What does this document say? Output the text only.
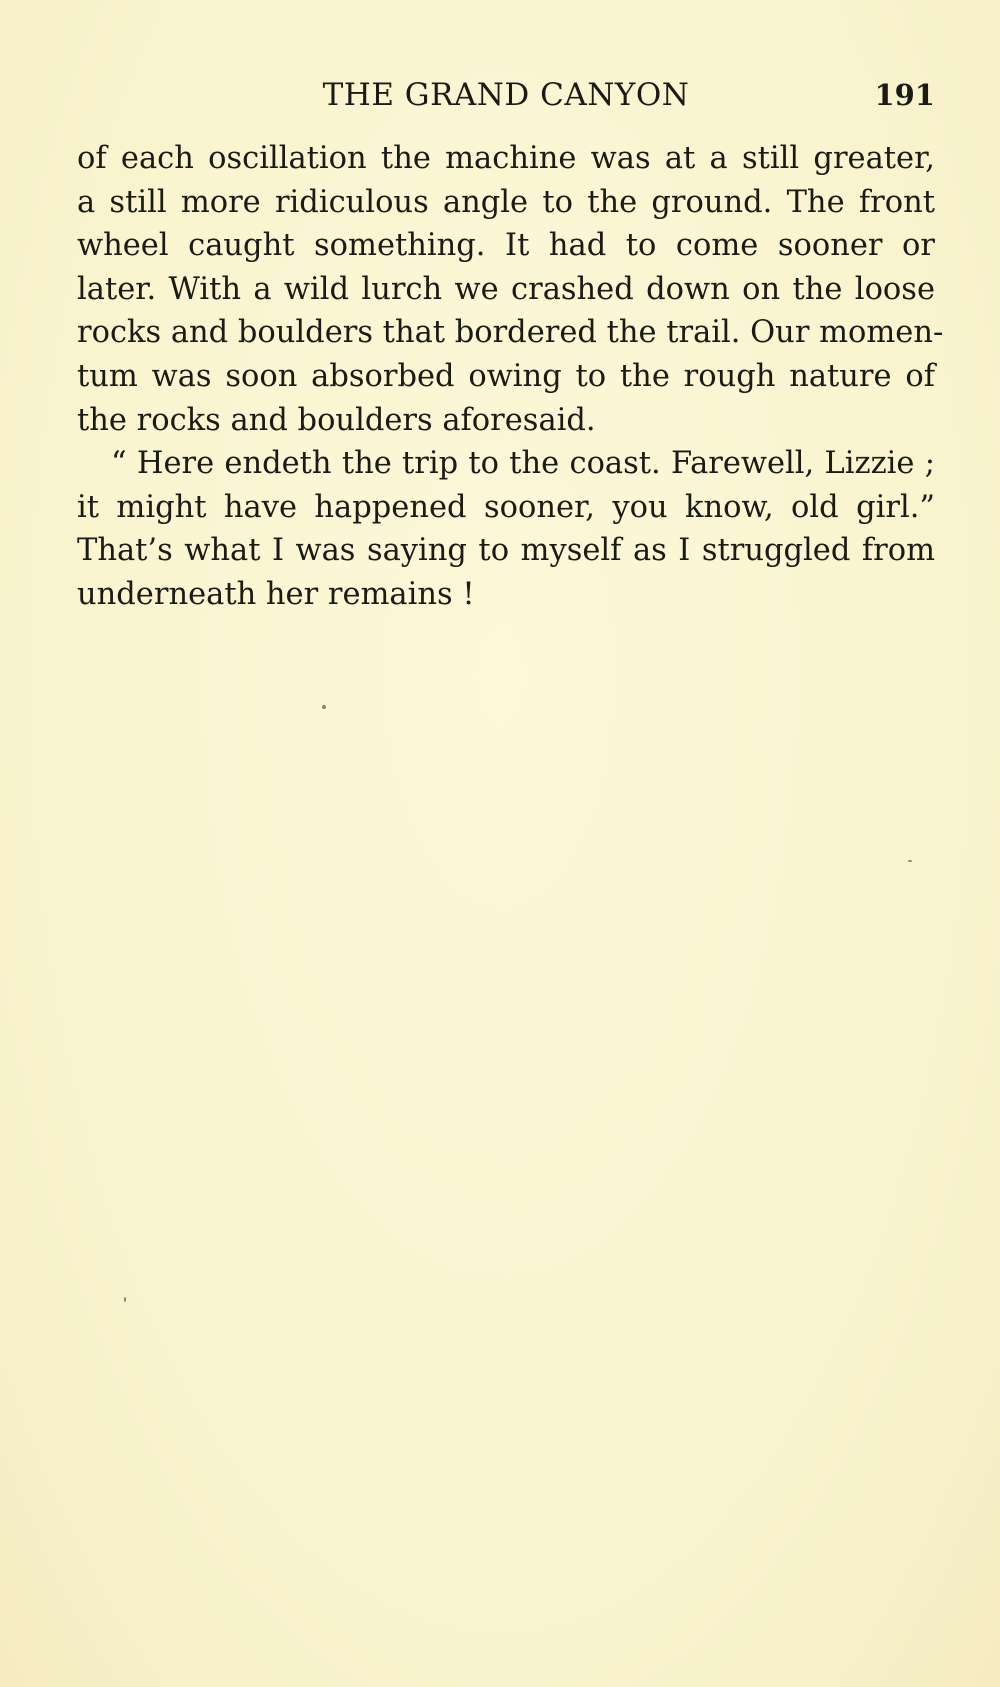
THE GRAND CANYON	191
of each oscillation the machine was at a still greater,
a still more ridiculous angle to the ground. The front
wheel caught something. It had to come sooner or
later. With a wild lurch we crashed down on the loose
rocks and boulders that bordered the trail. Our momen-
tum was soon absorbed owing to the rough nature of
the rocks and boulders aforesaid.
“ Here endeth the trip to the coast. Farewell, Lizzie ;
it might have happened sooner, you know, old girl.”
That’s what I was saying to myself as I struggled from
underneath her remains !
